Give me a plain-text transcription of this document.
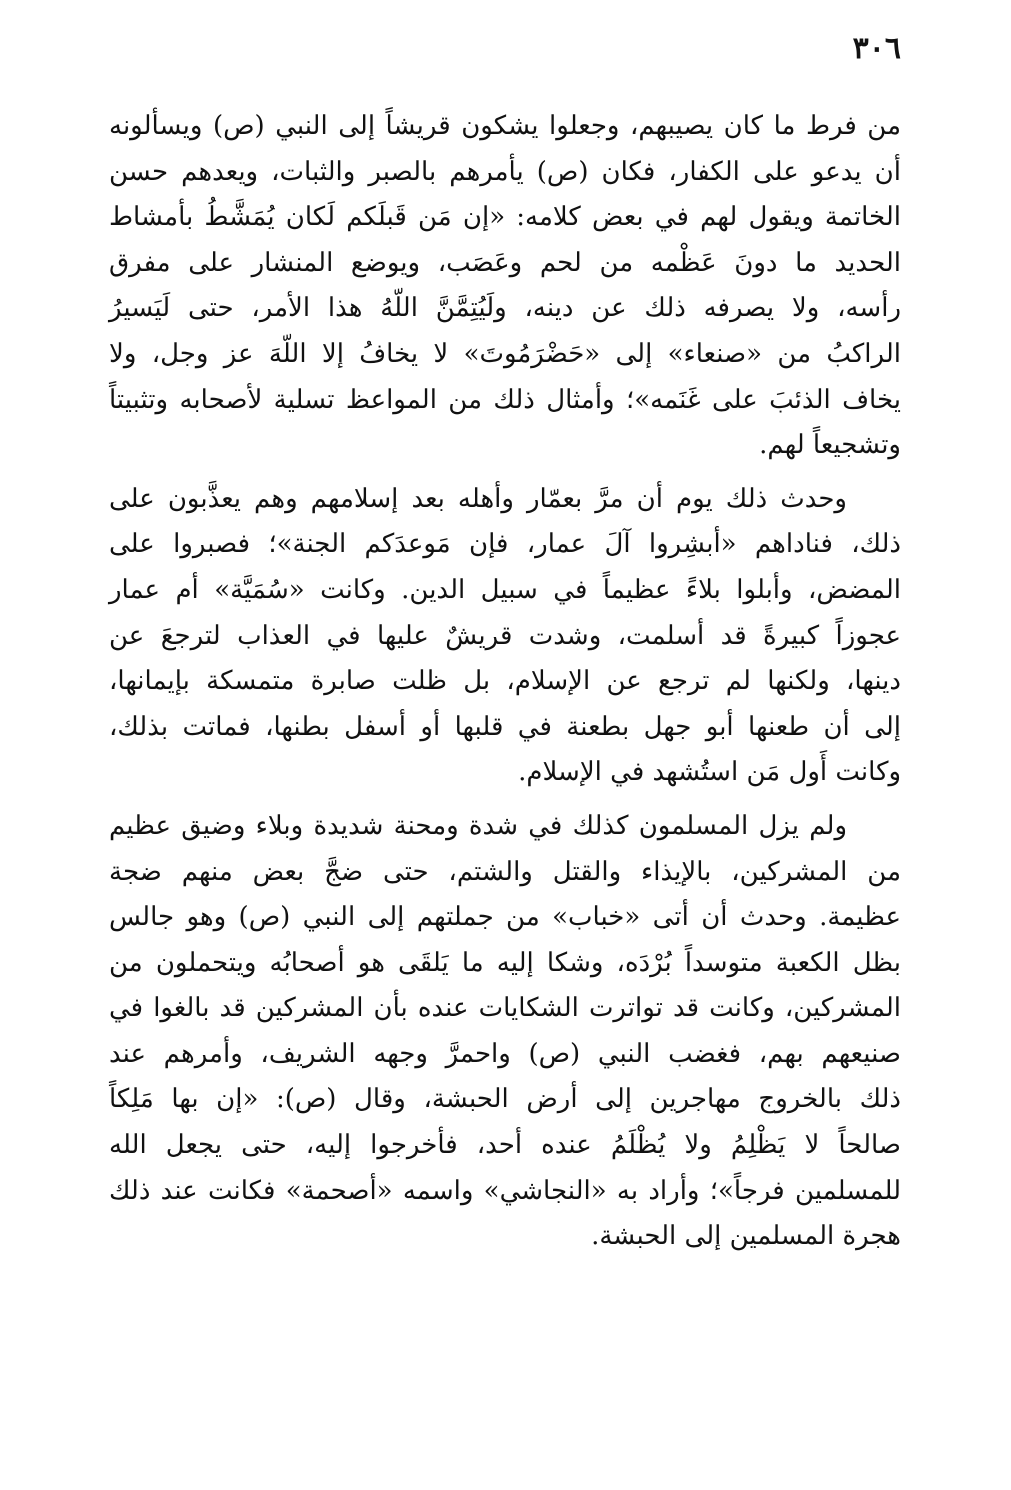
٣٠٦

من فرط ما كان يصيبهم، وجعلوا يشكون قريشاً إلى النبي (ص) ويسألونه
أن يدعو على الكفار، فكان (ص) يأمرهم بالصبر والثبات، ويعدهم حسن
الخاتمة ويقول لهم في بعض كلامه: «إن مَن قَبلَكم لَكان يُمَشَّطُ بأمشاط
الحديد ما دونَ عَظْمه من لحم وعَصَب، ويوضع المنشار على مفرق
رأسه، ولا يصرفه ذلك عن دينه، ولَيُتِمَّنَّ اللّهُ هذا الأمر، حتى لَيَسيرُ
الراكبُ من «صنعاء» إلى «حَضْرَمُوتَ» لا يخافُ إلا اللّهَ عز وجل، ولا
يخاف الذئبَ على غَنَمه»؛ وأمثال ذلك من المواعظ تسلية لأصحابه وتثبيتاً
وتشجيعاً لهم.

وحدث ذلك يوم أن مرَّ بعمّار وأهله بعد إسلامهم وهم يعذَّبون على
ذلك، فناداهم «أبشِروا آلَ عمار، فإن مَوعدَكم الجنة»؛ فصبروا على
المضض، وأبلوا بلاءً عظيماً في سبيل الدين. وكانت «سُمَيَّة» أم عمار
عجوزاً كبيرةً قد أسلمت، وشدت قريشٌ عليها في العذاب لترجعَ عن
دينها، ولكنها لم ترجع عن الإسلام، بل ظلت صابرة متمسكة بإيمانها،
إلى أن طعنها أبو جهل بطعنة في قلبها أو أسفل بطنها، فماتت بذلك،
وكانت أَول مَن استُشهد في الإسلام.

ولم يزل المسلمون كذلك في شدة ومحنة شديدة وبلاء وضيق عظيم
من المشركين، بالإيذاء والقتل والشتم، حتى ضجَّ بعض منهم ضجة
عظيمة. وحدث أن أتى «خباب» من جملتهم إلى النبي (ص) وهو جالس
بظل الكعبة متوسداً بُرْدَه، وشكا إليه ما يَلقَى هو أصحابُه ويتحملون من
المشركين، وكانت قد تواترت الشكايات عنده بأن المشركين قد بالغوا في
صنيعهم بهم، فغضب النبي (ص) واحمرَّ وجهه الشريف، وأمرهم عند
ذلك بالخروج مهاجرين إلى أرض الحبشة، وقال (ص): «إن بها مَلِكاً
صالحاً لا يَظْلِمُ ولا يُظْلَمُ عنده أحد، فأخرجوا إليه، حتى يجعل الله
للمسلمين فرجاً»؛ وأراد به «النجاشي» واسمه «أصحمة» فكانت عند ذلك
هجرة المسلمين إلى الحبشة.
